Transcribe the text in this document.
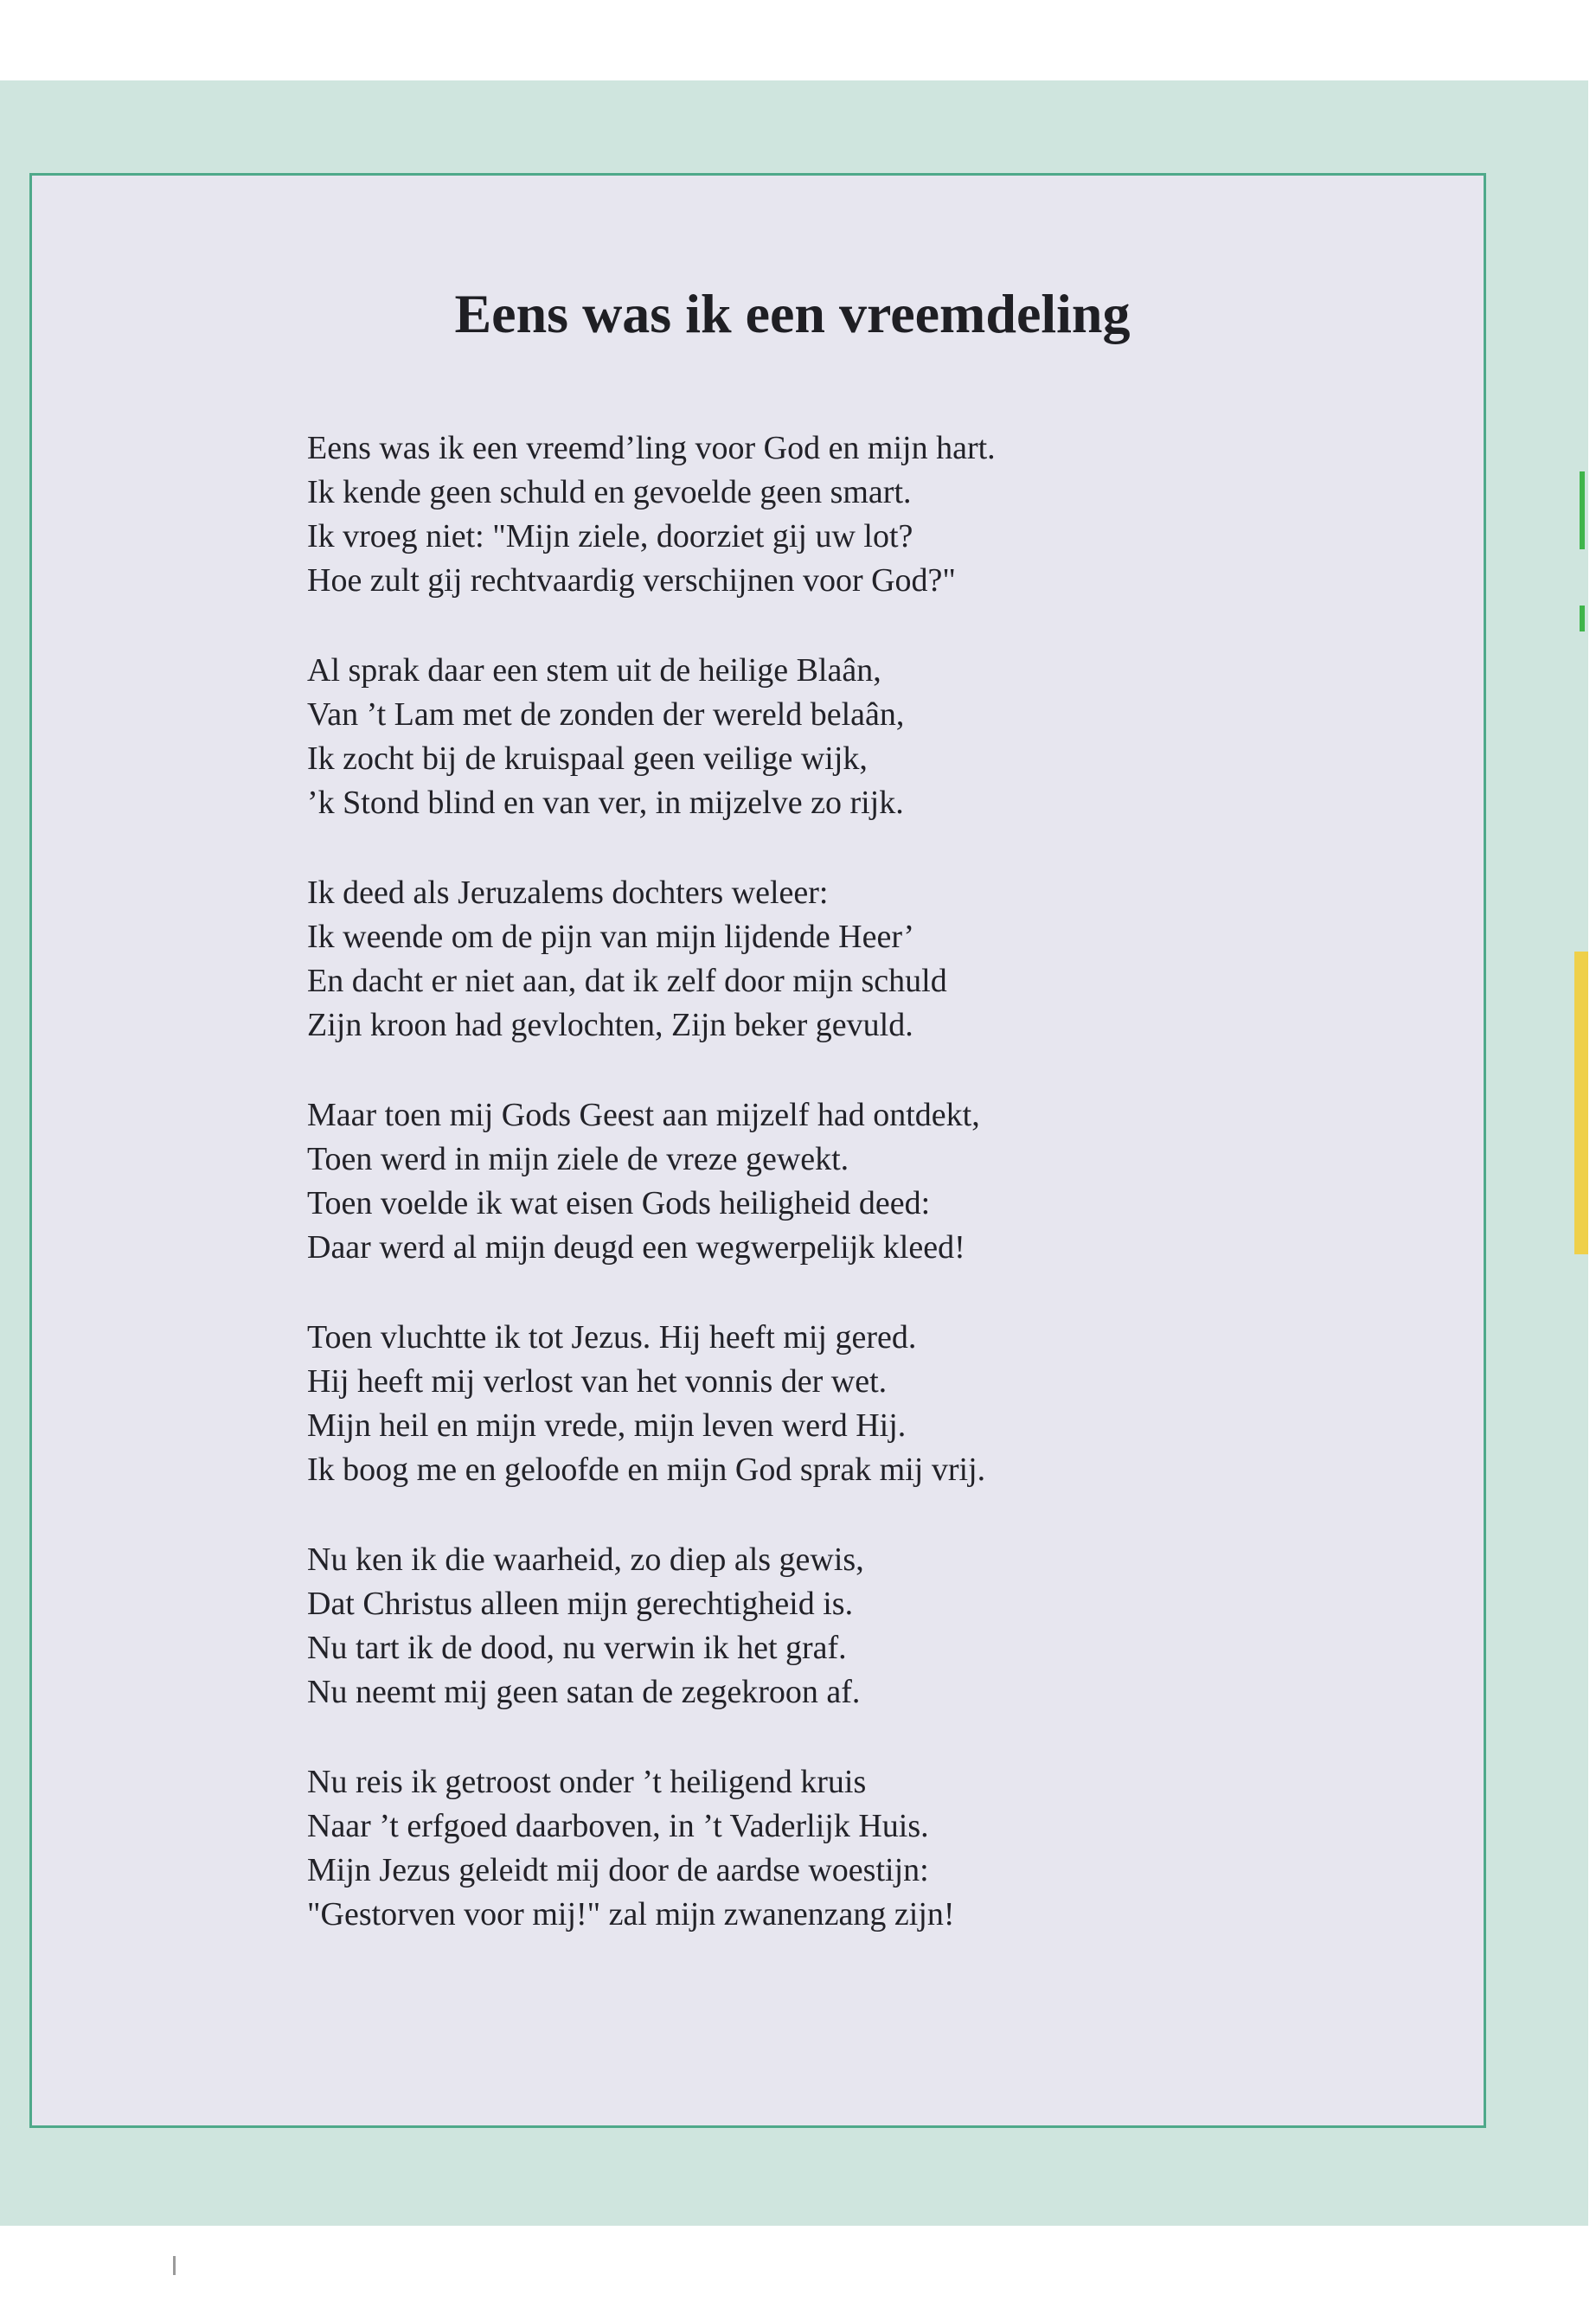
Eens was ik een vreemdeling
Eens was ik een vreemd’ling voor God en mijn hart.
Ik kende geen schuld en gevoelde geen smart.
Ik vroeg niet: "Mijn ziele, doorziet gij uw lot?
Hoe zult gij rechtvaardig verschijnen voor God?"
Al sprak daar een stem uit de heilige Blaân,
Van ’t Lam met de zonden der wereld belaân,
Ik zocht bij de kruispaal geen veilige wijk,
’k Stond blind en van ver, in mijzelve zo rijk.
Ik deed als Jeruzalems dochters weleer:
Ik weende om de pijn van mijn lijdende Heer’
En dacht er niet aan, dat ik zelf door mijn schuld
Zijn kroon had gevlochten, Zijn beker gevuld.
Maar toen mij Gods Geest aan mijzelf had ontdekt,
Toen werd in mijn ziele de vreze gewekt.
Toen voelde ik wat eisen Gods heiligheid deed:
Daar werd al mijn deugd een wegwerpelijk kleed!
Toen vluchtte ik tot Jezus. Hij heeft mij gered.
Hij heeft mij verlost van het vonnis der wet.
Mijn heil en mijn vrede, mijn leven werd Hij.
Ik boog me en geloofde en mijn God sprak mij vrij.
Nu ken ik die waarheid, zo diep als gewis,
Dat Christus alleen mijn gerechtigheid is.
Nu tart ik de dood, nu verwin ik het graf.
Nu neemt mij geen satan de zegekroon af.
Nu reis ik getroost onder ’t heiligend kruis
Naar ’t erfgoed daarboven, in ’t Vaderlijk Huis.
Mijn Jezus geleidt mij door de aardse woestijn:
"Gestorven voor mij!" zal mijn zwanenzang zijn!
